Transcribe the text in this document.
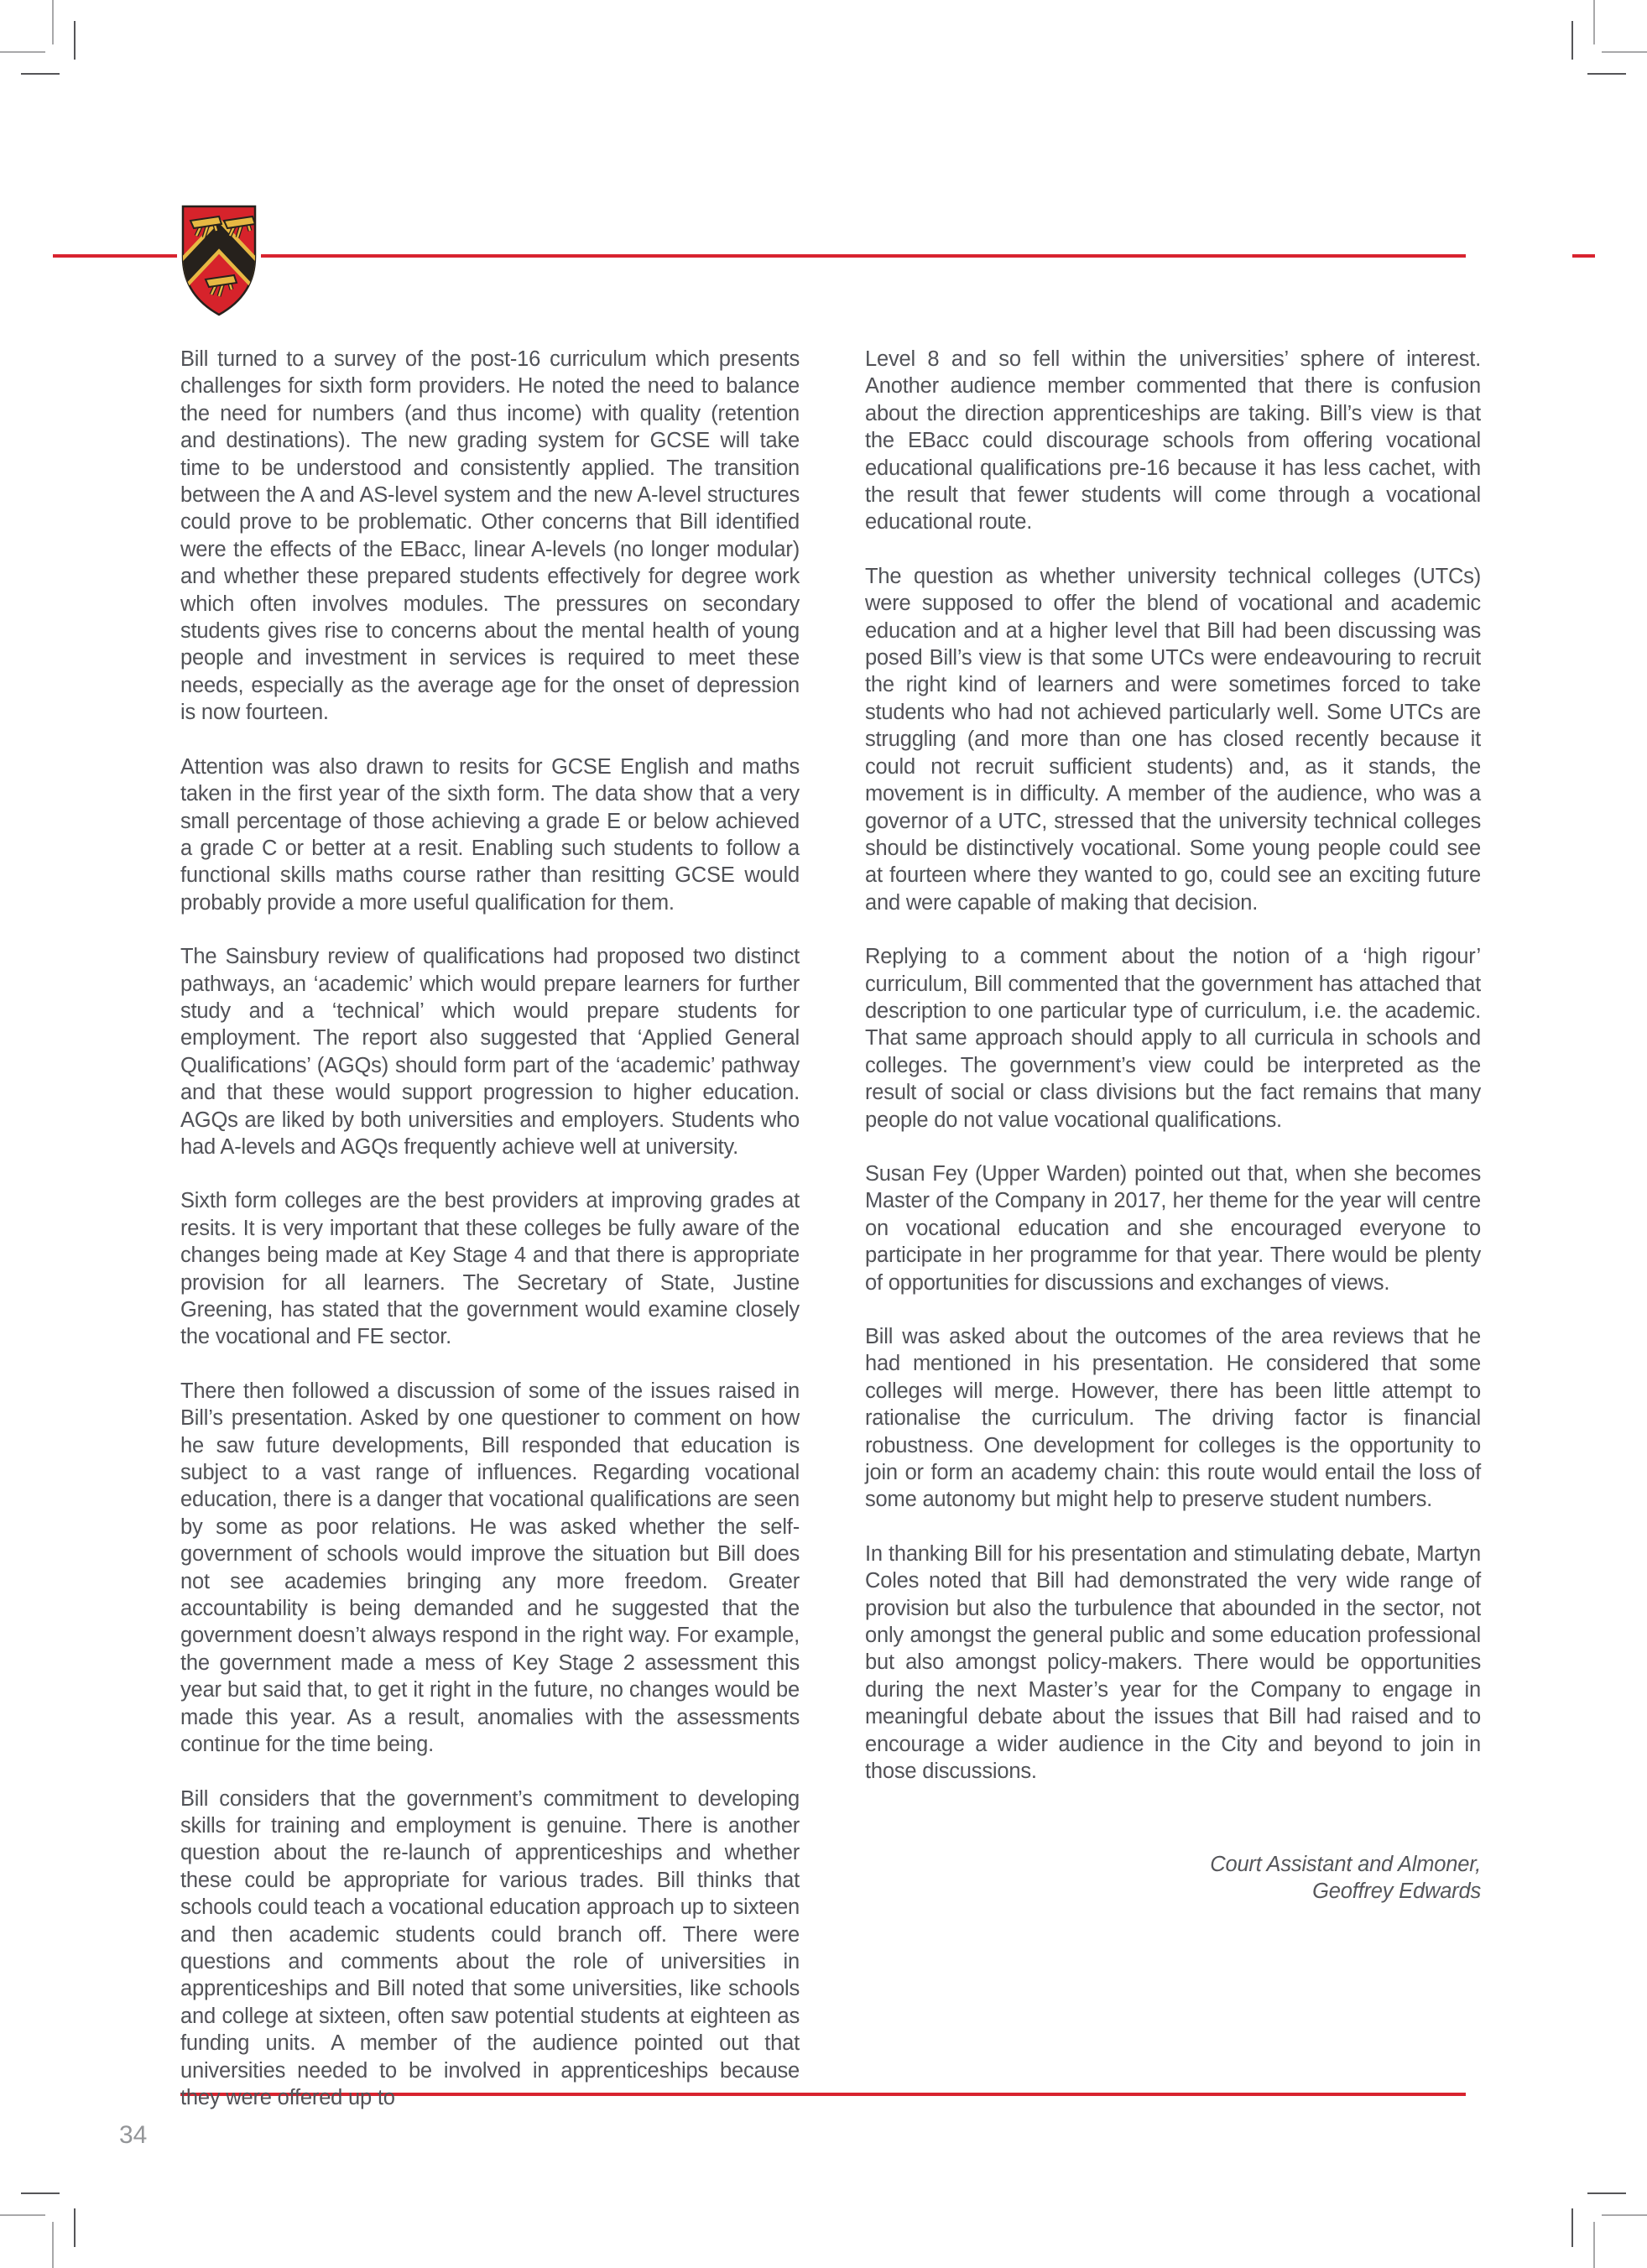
Bill turned to a survey of the post-16 curriculum which presents challenges for sixth form providers. He noted the need to balance the need for numbers (and thus income) with quality (retention and destinations). The new grading system for GCSE will take time to be understood and consistently applied. The transition between the A and AS-level system and the new A-level structures could prove to be problematic. Other concerns that Bill identified were the effects of the EBacc, linear A-levels (no longer modular) and whether these prepared students effectively for degree work which often involves modules. The pressures on secondary students gives rise to concerns about the mental health of young people and investment in services is required to meet these needs, especially as the average age for the onset of depression is now fourteen.

Attention was also drawn to resits for GCSE English and maths taken in the first year of the sixth form. The data show that a very small percentage of those achieving a grade E or below achieved a grade C or better at a resit. Enabling such students to follow a functional skills maths course rather than resitting GCSE would probably provide a more useful qualification for them.

The Sainsbury review of qualifications had proposed two distinct pathways, an ‘academic’ which would prepare learners for further study and a ‘technical’ which would prepare students for employment. The report also suggested that ‘Applied General Qualifications’ (AGQs) should form part of the ‘academic’ pathway and that these would support progression to higher education. AGQs are liked by both universities and employers. Students who had A-levels and AGQs frequently achieve well at university.

Sixth form colleges are the best providers at improving grades at resits. It is very important that these colleges be fully aware of the changes being made at Key Stage 4 and that there is appropriate provision for all learners. The Secretary of State, Justine Greening, has stated that the government would examine closely the vocational and FE sector.

There then followed a discussion of some of the issues raised in Bill’s presentation. Asked by one questioner to comment on how he saw future developments, Bill responded that education is subject to a vast range of influences. Regarding vocational education, there is a danger that vocational qualifications are seen by some as poor relations. He was asked whether the self-government of schools would improve the situation but Bill does not see academies bringing any more freedom. Greater accountability is being demanded and he suggested that the government doesn’t always respond in the right way. For example, the government made a mess of Key Stage 2 assessment this year but said that, to get it right in the future, no changes would be made this year. As a result, anomalies with the assessments continue for the time being.

Bill considers that the government’s commitment to developing skills for training and employment is genuine. There is another question about the re-launch of apprenticeships and whether these could be appropriate for various trades. Bill thinks that schools could teach a vocational education approach up to sixteen and then academic students could branch off. There were questions and comments about the role of universities in apprenticeships and Bill noted that some universities, like schools and college at sixteen, often saw potential students at eighteen as funding units. A member of the audience pointed out that universities needed to be involved in apprenticeships because they were offered up to

Level 8 and so fell within the universities’ sphere of interest. Another audience member commented that there is confusion about the direction apprenticeships are taking. Bill’s view is that the EBacc could discourage schools from offering vocational educational qualifications pre-16 because it has less cachet, with the result that fewer students will come through a vocational educational route.

The question as whether university technical colleges (UTCs) were supposed to offer the blend of vocational and academic education and at a higher level that Bill had been discussing was posed Bill’s view is that some UTCs were endeavouring to recruit the right kind of learners and were sometimes forced to take students who had not achieved particularly well. Some UTCs are struggling (and more than one has closed recently because it could not recruit sufficient students) and, as it stands, the movement is in difficulty. A member of the audience, who was a governor of a UTC, stressed that the university technical colleges should be distinctively vocational. Some young people could see at fourteen where they wanted to go, could see an exciting future and were capable of making that decision.

Replying to a comment about the notion of a ‘high rigour’ curriculum, Bill commented that the government has attached that description to one particular type of curriculum, i.e. the academic. That same approach should apply to all curricula in schools and colleges. The government’s view could be interpreted as the result of social or class divisions but the fact remains that many people do not value vocational qualifications.

Susan Fey (Upper Warden) pointed out that, when she becomes Master of the Company in 2017, her theme for the year will centre on vocational education and she encouraged everyone to participate in her programme for that year. There would be plenty of opportunities for discussions and exchanges of views.

Bill was asked about the outcomes of the area reviews that he had mentioned in his presentation. He considered that some colleges will merge. However, there has been little attempt to rationalise the curriculum. The driving factor is financial robustness. One development for colleges is the opportunity to join or form an academy chain: this route would entail the loss of some autonomy but might help to preserve student numbers.

In thanking Bill for his presentation and stimulating debate, Martyn Coles noted that Bill had demonstrated the very wide range of provision but also the turbulence that abounded in the sector, not only amongst the general public and some education professional but also amongst policy-makers. There would be opportunities during the next Master’s year for the Company to engage in meaningful debate about the issues that Bill had raised and to encourage a wider audience in the City and beyond to join in those discussions.

Court Assistant and Almoner,
Geoffrey Edwards
34
